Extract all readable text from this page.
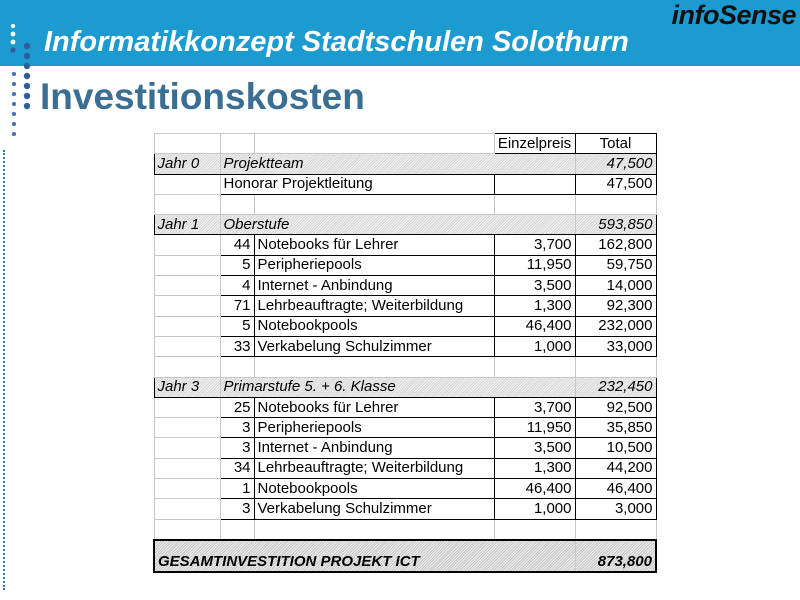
infoSense
Informatikkonzept Stadtschulen Solothurn
Investitionskosten
			Einzelpreis	Total
Jahr 0	Projektteam			47,500
	Honorar Projektleitung			47,500

Jahr 1	Oberstufe			593,850
	44	Notebooks für Lehrer	3,700	162,800
	5	Peripheriepools	11,950	59,750
	4	Internet - Anbindung	3,500	14,000
	71	Lehrbeauftragte; Weiterbildung	1,300	92,300
	5	Notebookpools	46,400	232,000
	33	Verkabelung Schulzimmer	1,000	33,000

Jahr 3	Primarstufe 5. + 6. Klasse			232,450
	25	Notebooks für Lehrer	3,700	92,500
	3	Peripheriepools	11,950	35,850
	3	Internet - Anbindung	3,500	10,500
	34	Lehrbeauftragte; Weiterbildung	1,300	44,200
	1	Notebookpools	46,400	46,400
	3	Verkabelung Schulzimmer	1,000	3,000

GESAMTINVESTITION PROJEKT ICT				873,800
